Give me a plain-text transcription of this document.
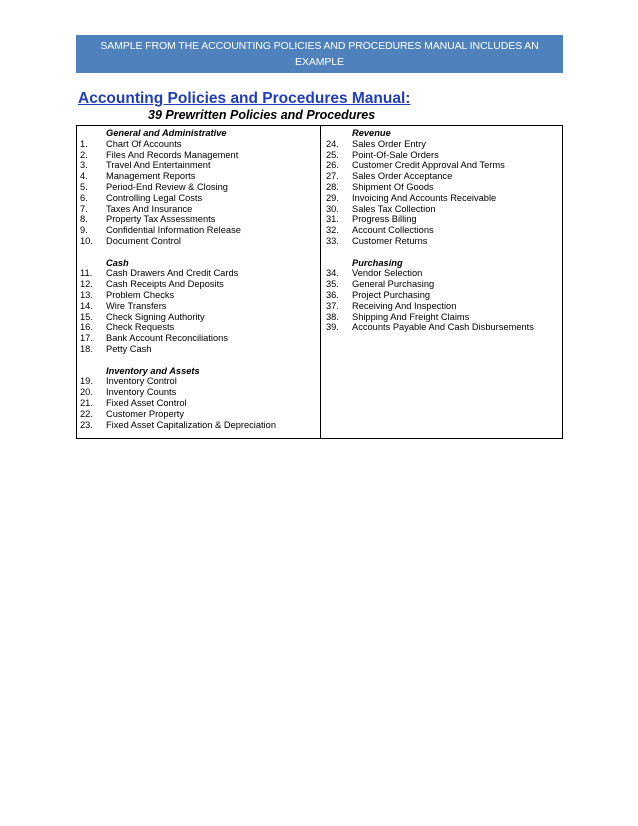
SAMPLE FROM THE ACCOUNTING POLICIES AND PROCEDURES MANUAL INCLUDES AN EXAMPLE
PROCEDURE, A LIST OF TOPICS, FORMS AND JOB DESCRIPTIONS
Accounting Policies and Procedures Manual:
39 Prewritten Policies and Procedures
General and Administrative
1. Chart Of Accounts
2. Files And Records Management
3. Travel And Entertainment
4. Management Reports
5. Period-End Review & Closing
6. Controlling Legal Costs
7. Taxes And Insurance
8. Property Tax Assessments
9. Confidential Information Release
10. Document Control
Cash
11. Cash Drawers And Credit Cards
12. Cash Receipts And Deposits
13. Problem Checks
14. Wire Transfers
15. Check Signing Authority
16. Check Requests
17. Bank Account Reconciliations
18. Petty Cash
Inventory and Assets
19. Inventory Control
20. Inventory Counts
21. Fixed Asset Control
22. Customer Property
23. Fixed Asset Capitalization & Depreciation
Revenue
24. Sales Order Entry
25. Point-Of-Sale Orders
26. Customer Credit Approval And Terms
27. Sales Order Acceptance
28. Shipment Of Goods
29. Invoicing And Accounts Receivable
30. Sales Tax Collection
31. Progress Billing
32. Account Collections
33. Customer Returns
Purchasing
34. Vendor Selection
35. General Purchasing
36. Project Purchasing
37. Receiving And Inspection
38. Shipping And Freight Claims
39. Accounts Payable And Cash Disbursements
